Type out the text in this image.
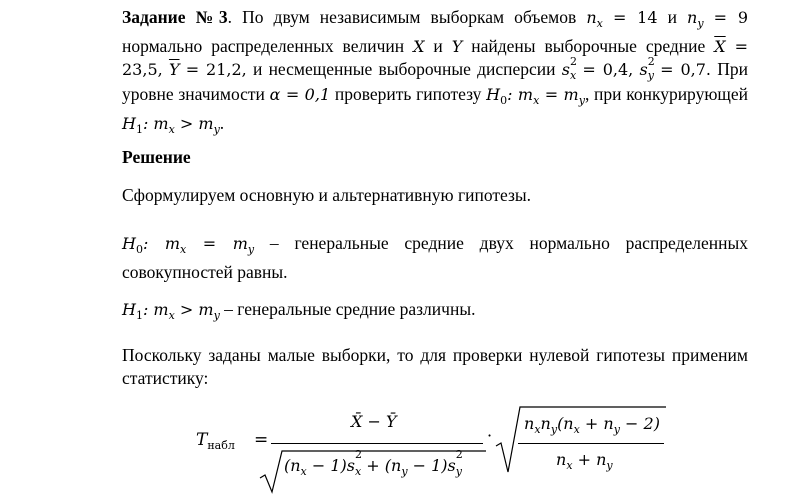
Задание №3. По двум независимым выборкам объемов $n_x = 14$ и $n_y = 9$ нормально распределенных величин X и Y найдены выборочные средние $\overline{X} = 23,5$, $\overline{Y} = 21,2$, и несмещенные выборочные дисперсии s 2
$_x$ = 0,4, s 2
$_y$ = 0,7. При уровне значимости α = 0,1 проверить гипотезу $H_0$: $m_x = m_y$, при конкурирующей $H_1$: $m_x > m_y$.

Решение

Сформулируем основную и альтернативную гипотезы.

$H_0$: $m_x = m_y$ – генеральные средние двух нормально распределенных совокупностей равны.

$H_1$: $m_x > m_y$ – генеральные средние различны.

Поскольку заданы малые выборки, то для проверки нулевой гипотезы применим статистику:

$T_{набл}$ =
X̄ − Ȳ
$(n_x - 1)s$
2
$_x + (n_y - 1)s$
2
$_y$
·
$n_xn_y(n_x + n_y - 2)$
$n_x + n_y$
